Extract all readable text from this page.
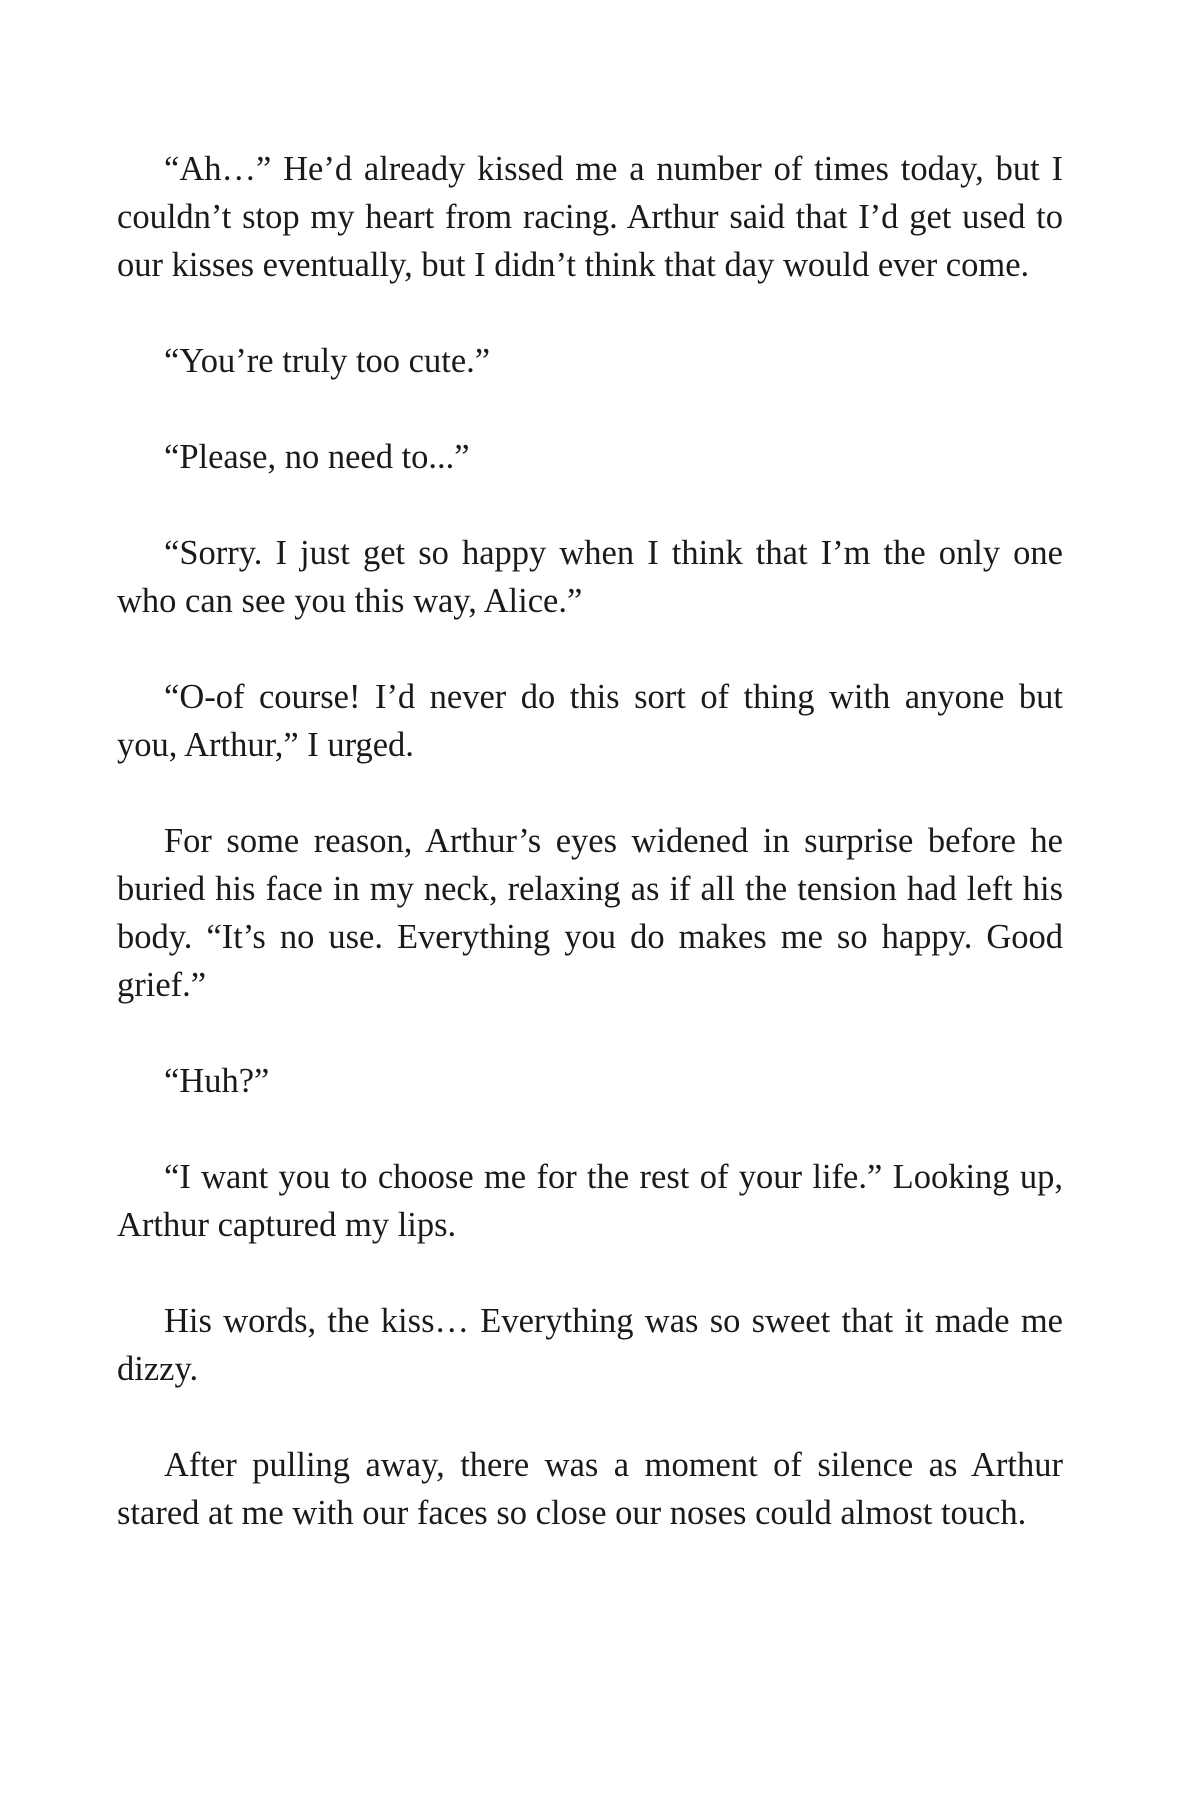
“Ah…” He’d already kissed me a number of times today, but I couldn’t stop my heart from racing. Arthur said that I’d get used to our kisses eventually, but I didn’t think that day would ever come.

“You’re truly too cute.”

“Please, no need to...”

“Sorry. I just get so happy when I think that I’m the only one who can see you this way, Alice.”

“O-of course! I’d never do this sort of thing with anyone but you, Arthur,” I urged.

For some reason, Arthur’s eyes widened in surprise before he buried his face in my neck, relaxing as if all the tension had left his body. “It’s no use. Everything you do makes me so happy. Good grief.”

“Huh?”

“I want you to choose me for the rest of your life.” Looking up, Arthur captured my lips.

His words, the kiss… Everything was so sweet that it made me dizzy.

After pulling away, there was a moment of silence as Arthur stared at me with our faces so close our noses could almost touch.
